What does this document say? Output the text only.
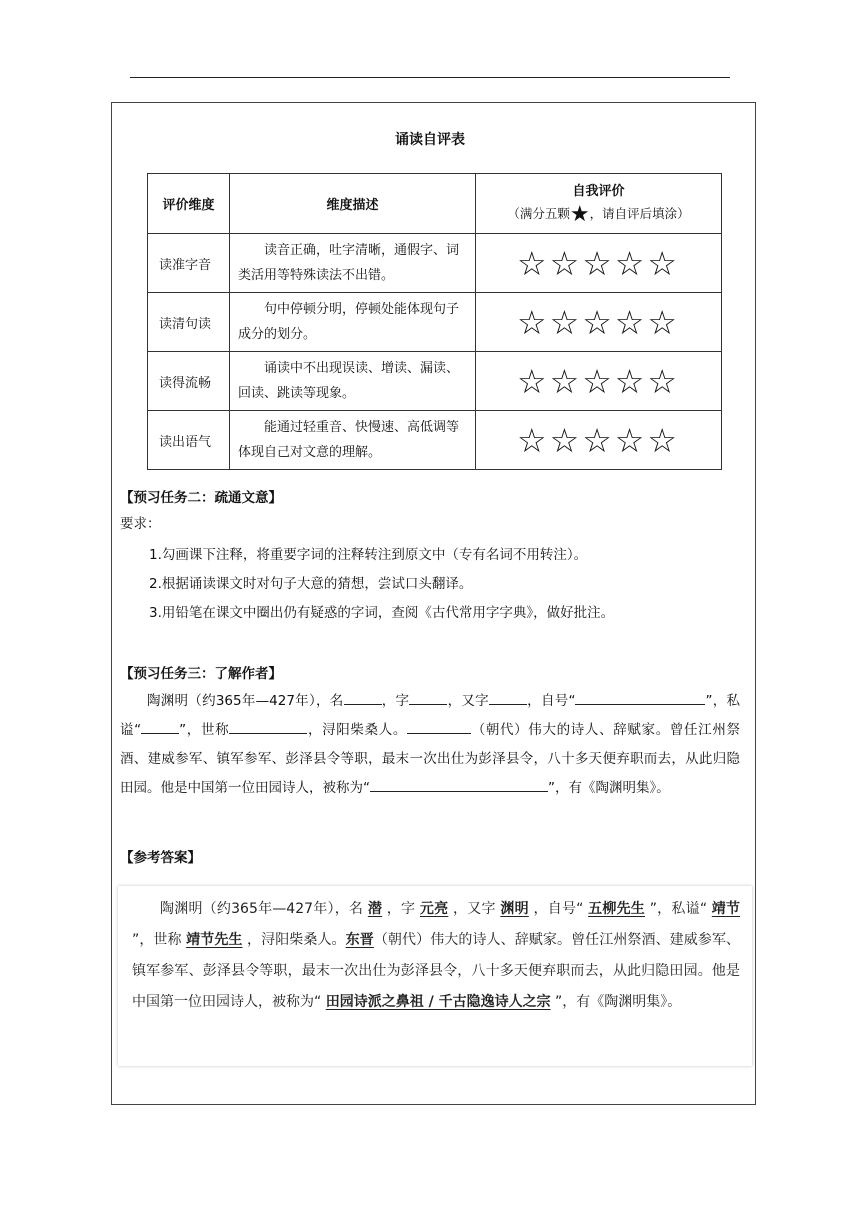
诵读自评表
评价维度	维度描述	自我评价
（满分五颗★，请自评后填涂）

读准字音	读音正确，吐字清晰，通假字、词类活用等特殊读法不出错。	☆☆☆☆☆
读清句读	句中停顿分明，停顿处能体现句子成分的划分。	☆☆☆☆☆
读得流畅	诵读中不出现误读、增读、漏读、回读、跳读等现象。	☆☆☆☆☆
读出语气	能通过轻重音、快慢速、高低调等体现自己对文意的理解。	☆☆☆☆☆
【预习任务二：疏通文意】
要求：
1.勾画课下注释，将重要字词的注释转注到原文中（专有名词不用转注）。
2.根据诵读课文时对句子大意的猜想，尝试口头翻译。
3.用铅笔在课文中圈出仍有疑惑的字词，查阅《古代常用字字典》，做好批注。
【预习任务三：了解作者】
陶渊明（约365年—427年），名	，字	，又字	，自号“	”，私谥“	”，世称	，浔阳柴桑人。	（朝代）伟大的诗人、辞赋家。曾任江州祭酒、建威参军、镇军参军、彭泽县令等职，最末一次出仕为彭泽县令，八十多天便弃职而去，从此归隐田园。他是中国第一位田园诗人，被称为“	”，有《陶渊明集》。
【参考答案】
陶渊明（约365年—427年），名 潜 ，字 元亮 ，又字 渊明 ，自号“ 五柳先生 ”，私谥“ 靖节 ”，世称 靖节先生 ，浔阳柴桑人。东晋（朝代）伟大的诗人、辞赋家。曾任江州祭酒、建威参军、镇军参军、彭泽县令等职，最末一次出仕为彭泽县令，八十多天便弃职而去，从此归隐田园。他是中国第一位田园诗人，被称为“ 田园诗派之鼻祖 / 千古隐逸诗人之宗 ”，有《陶渊明集》。
